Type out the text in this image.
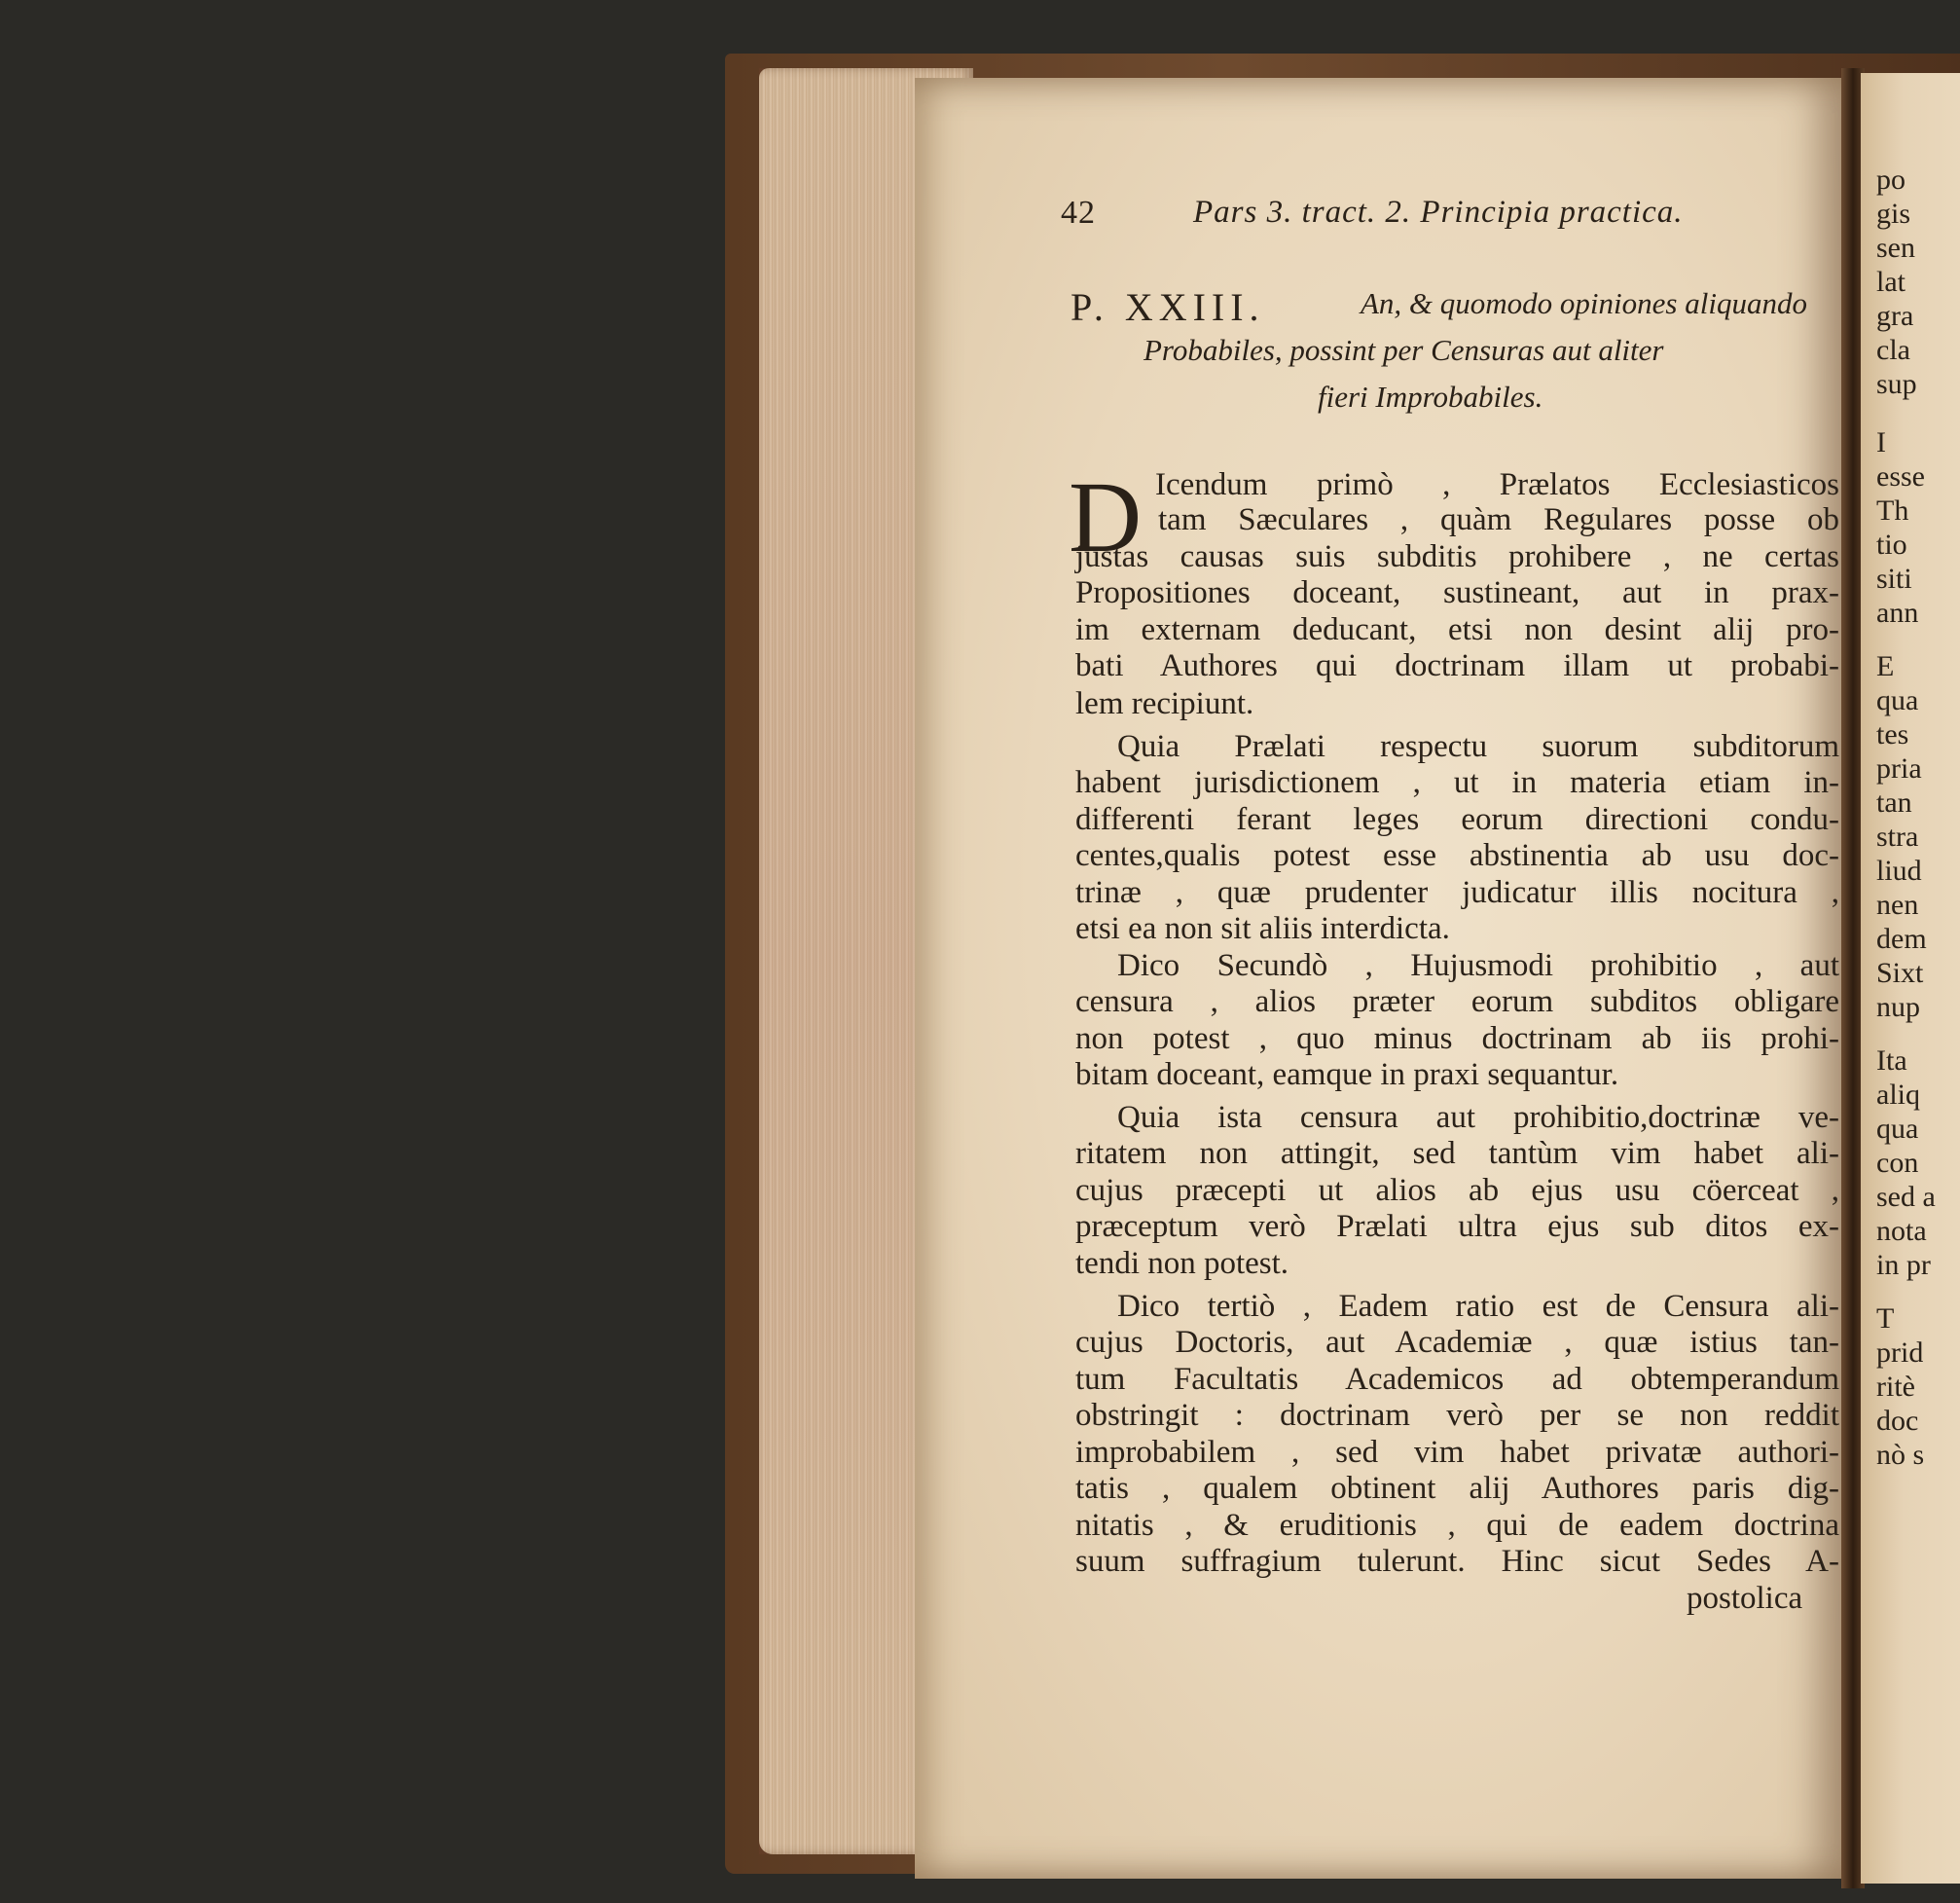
po
gis
sen
lat
gra
cla
sup
I
esse
Th
tio
siti
ann
E
qua
tes
pria
tan
stra
liud
nen
dem
Sixt
nup
Ita
aliq
qua
con
sed a
nota
in pr
T
prid
ritè
doc
nò s
42	Pars 3. tract. 2. Principia practica.
P. XXIII.	An, & quomodo opiniones aliquando
Probabiles, possint per Censuras aut aliter
fieri Improbabiles.
D Icendum primò , Prælatos Ecclesiasticos
tam Sæculares , quàm Regulares posse ob
justas causas suis subditis prohibere , ne certas
Propositiones doceant, sustineant, aut in prax-
im externam deducant, etsi non desint alij pro-
bati Authores qui doctrinam illam ut probabi-
lem recipiunt.
Quia Prælati respectu suorum subditorum
habent jurisdictionem , ut in materia etiam in-
differenti ferant leges eorum directioni condu-
centes,qualis potest esse abstinentia ab usu doc-
trinæ , quæ prudenter judicatur illis nocitura ,
etsi ea non sit aliis interdicta.
Dico Secundò , Hujusmodi prohibitio , aut
censura , alios præter eorum subditos obligare
non potest , quo minus doctrinam ab iis prohi-
bitam doceant, eamque in praxi sequantur.
Quia ista censura aut prohibitio,doctrinæ ve-
ritatem non attingit, sed tantùm vim habet ali-
cujus præcepti ut alios ab ejus usu cöerceat ,
præceptum verò Prælati ultra ejus sub ditos ex-
tendi non potest.
Dico tertiò , Eadem ratio est de Censura ali-
cujus Doctoris, aut Academiæ , quæ istius tan-
tum Facultatis Academicos ad obtemperandum
obstringit : doctrinam verò per se non reddit
improbabilem , sed vim habet privatæ authori-
tatis , qualem obtinent alij Authores paris dig-
nitatis , & eruditionis , qui de eadem doctrina
suum suffragium tulerunt. Hinc sicut Sedes A-
postolica
